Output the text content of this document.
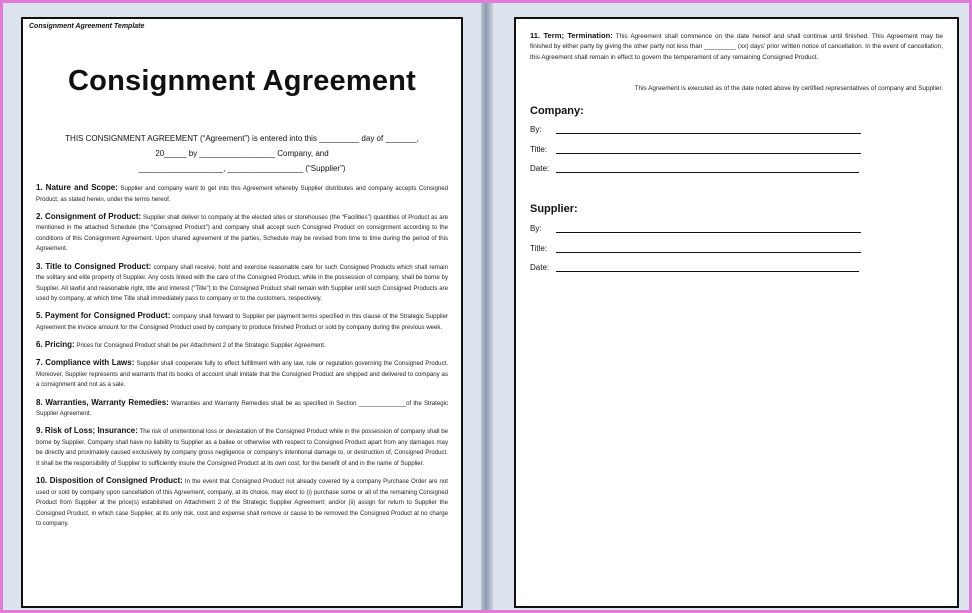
Consignment Agreement Template
Consignment Agreement
THIS CONSIGNMENT AGREEMENT (“Agreement”) is entered into this _________ day of _______,
20_____ by _________________ Company, and
___________________, _________________ (“Supplier”)
1. Nature and Scope: Supplier and company want to get into this Agreement whereby Supplier distributes and company accepts Consigned Product, as stated herein, under the terms hereof.
2. Consignment of Product: Supplier shall deliver to company at the elected sites or storehouses (the “Facilities”) quantities of Product as are mentioned in the attached Schedule (the “Consigned Product”) and company shall accept such Consigned Product on consignment according to the conditions of this Consignment Agreement. Upon shared agreement of the parties, Schedule may be revised from time to time during the period of this Agreement.
3. Title to Consigned Product: company shall receive, hold and exercise reasonable care for such Consigned Products which shall remain the solitary and elite property of Supplier. Any costs linked with the care of the Consigned Product, while in the possession of company, shall be borne by Supplier. All lawful and reasonable right, title and interest (“Title”) to the Consigned Product shall remain with Supplier until such Consigned Products are used by company, at which time Title shall immediately pass to company or to the customers, respectively.
5. Payment for Consigned Product: company shall forward to Supplier per payment terms specified in this clause of the Strategic Supplier Agreement the invoice amount for the Consigned Product used by company to produce finished Product or sold by company during the previous week.
6. Pricing: Prices for Consigned Product shall be per Attachment 2 of the Strategic Supplier Agreement.
7. Compliance with Laws: Supplier shall cooperate fully to effect fulfillment with any law, rule or regulation governing the Consigned Product. Moreover, Supplier represents and warrants that its books of account shall imitate that the Consigned Product are shipped and delivered to company as a consignment and not as a sale.
8. Warranties, Warranty Remedies: Warranties and Warranty Remedies shall be as specified in Section ______________of the Strategic Supplier Agreement.
9. Risk of Loss; Insurance: The risk of unintentional loss or devastation of the Consigned Product while in the possession of company shall be borne by Supplier. Company shall have no liability to Supplier as a bailee or otherwise with respect to Consigned Product apart from any damages may be directly and proximately caused exclusively by company gross negligence or company's intentional damage to, or destruction of, Consigned Product. It shall be the responsibility of Supplier to sufficiently insure the Consigned Product at its own cost, for the benefit of and in the name of Supplier.
10. Disposition of Consigned Product: In the event that Consigned Product not already covered by a company Purchase Order are not used or sold by company upon cancellation of this Agreement, company, at its choice, may elect to (i) purchase some or all of the remaining Consigned Product from Supplier at the price(s) established on Attachment 2 of the Strategic Supplier Agreement; and/or (ii) assign for return to Supplier the Consigned Product, in which case Supplier, at its only risk, cost and expense shall remove or cause to be removed the Consigned Product at no charge to company.
11. Term; Termination: This Agreement shall commence on the date hereof and shall continue until finished. This Agreement may be finished by either party by giving the other party not less than _________ (xx) days' prior written notice of cancellation. In the event of cancellation, this Agreement shall remain in effect to govern the temperament of any remaining Consigned Product.
This Agreement is executed as of the date noted above by certified representatives of company and Supplier.
Company:
By:
Title:
Date:
Supplier:
By:
Title:
Date:
